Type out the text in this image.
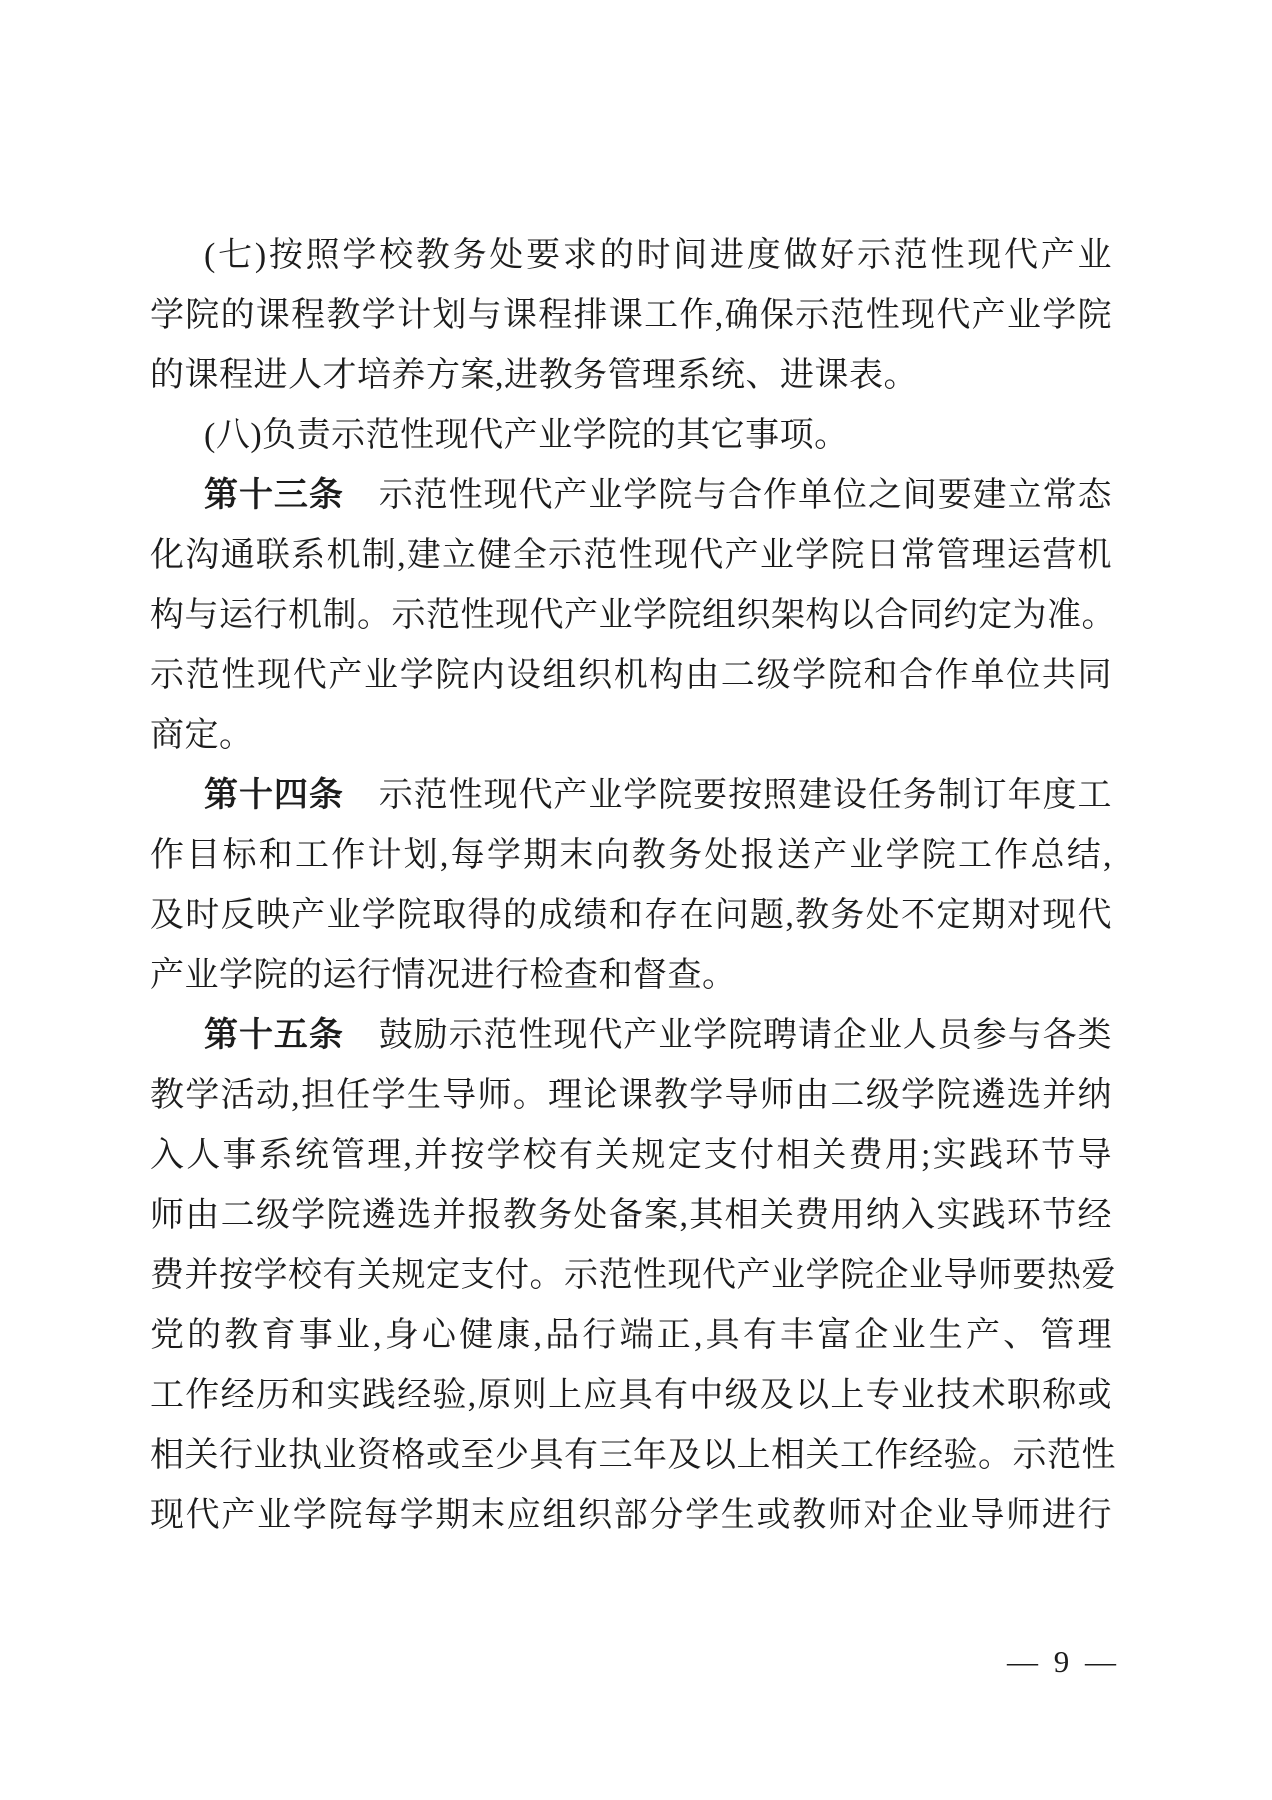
(七)按照学校教务处要求的时间进度做好示范性现代产业

学院的课程教学计划与课程排课工作,确保示范性现代产业学院

的课程进人才培养方案,进教务管理系统、进课表。

(八)负责示范性现代产业学院的其它事项。

第十三条　示范性现代产业学院与合作单位之间要建立常态

化沟通联系机制,建立健全示范性现代产业学院日常管理运营机

构与运行机制。示范性现代产业学院组织架构以合同约定为准。

示范性现代产业学院内设组织机构由二级学院和合作单位共同

商定。

第十四条　示范性现代产业学院要按照建设任务制订年度工

作目标和工作计划,每学期末向教务处报送产业学院工作总结,

及时反映产业学院取得的成绩和存在问题,教务处不定期对现代

产业学院的运行情况进行检查和督查。

第十五条　鼓励示范性现代产业学院聘请企业人员参与各类

教学活动,担任学生导师。理论课教学导师由二级学院遴选并纳

入人事系统管理,并按学校有关规定支付相关费用;实践环节导

师由二级学院遴选并报教务处备案,其相关费用纳入实践环节经

费并按学校有关规定支付。示范性现代产业学院企业导师要热爱

党的教育事业,身心健康,品行端正,具有丰富企业生产、管理

工作经历和实践经验,原则上应具有中级及以上专业技术职称或

相关行业执业资格或至少具有三年及以上相关工作经验。示范性

现代产业学院每学期末应组织部分学生或教师对企业导师进行

— 9 —
